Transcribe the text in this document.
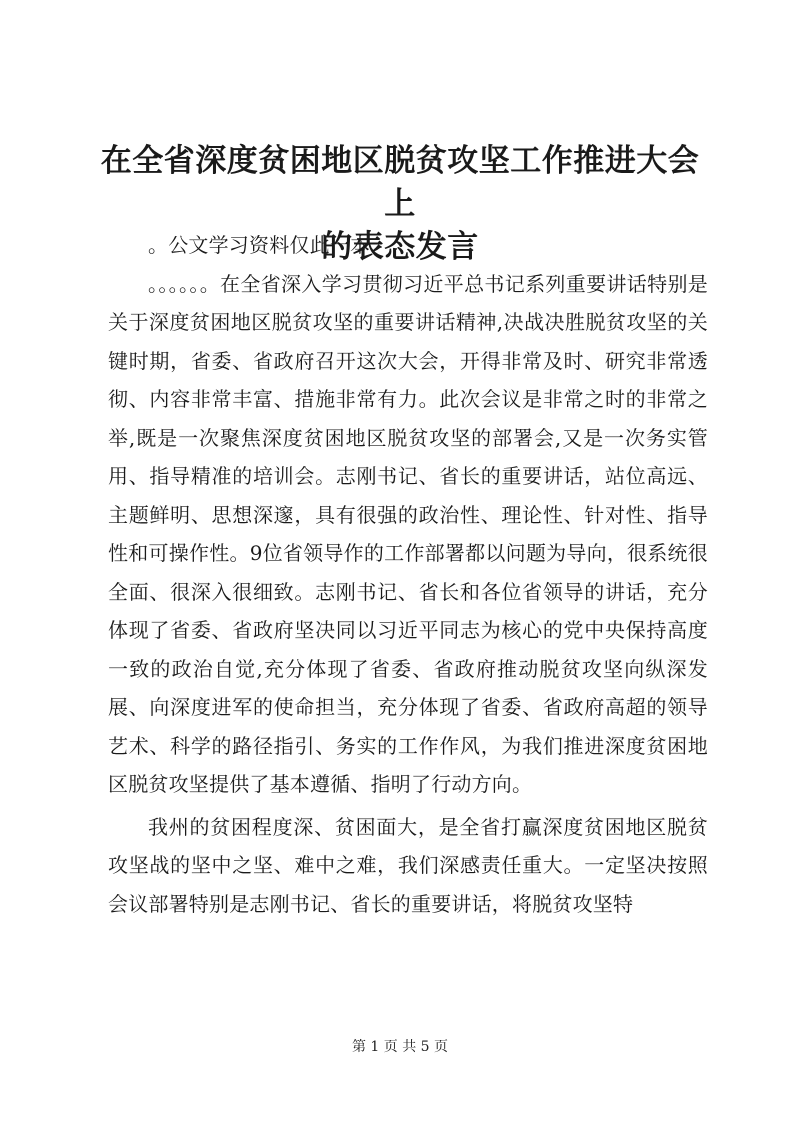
在全省深度贫困地区脱贫攻坚工作推进大会上
的表态发言

。公文学习资料仅此一本

。。。。。。在全省深入学习贯彻习近平总书记系列重要讲话特别是关于深度贫困地区脱贫攻坚的重要讲话精神,决战决胜脱贫攻坚的关键时期，省委、省政府召开这次大会，开得非常及时、研究非常透彻、内容非常丰富、措施非常有力。此次会议是非常之时的非常之举,既是一次聚焦深度贫困地区脱贫攻坚的部署会,又是一次务实管用、指导精准的培训会。志刚书记、省长的重要讲话，站位高远、主题鲜明、思想深邃，具有很强的政治性、理论性、针对性、指导性和可操作性。9位省领导作的工作部署都以问题为导向，很系统很全面、很深入很细致。志刚书记、省长和各位省领导的讲话，充分体现了省委、省政府坚决同以习近平同志为核心的党中央保持高度一致的政治自觉,充分体现了省委、省政府推动脱贫攻坚向纵深发展、向深度进军的使命担当，充分体现了省委、省政府高超的领导艺术、科学的路径指引、务实的工作作风，为我们推进深度贫困地区脱贫攻坚提供了基本遵循、指明了行动方向。

我州的贫困程度深、贫困面大，是全省打赢深度贫困地区脱贫攻坚战的坚中之坚、难中之难，我们深感责任重大。一定坚决按照会议部署特别是志刚书记、省长的重要讲话，将脱贫攻坚特

第 1 页 共 5 页
